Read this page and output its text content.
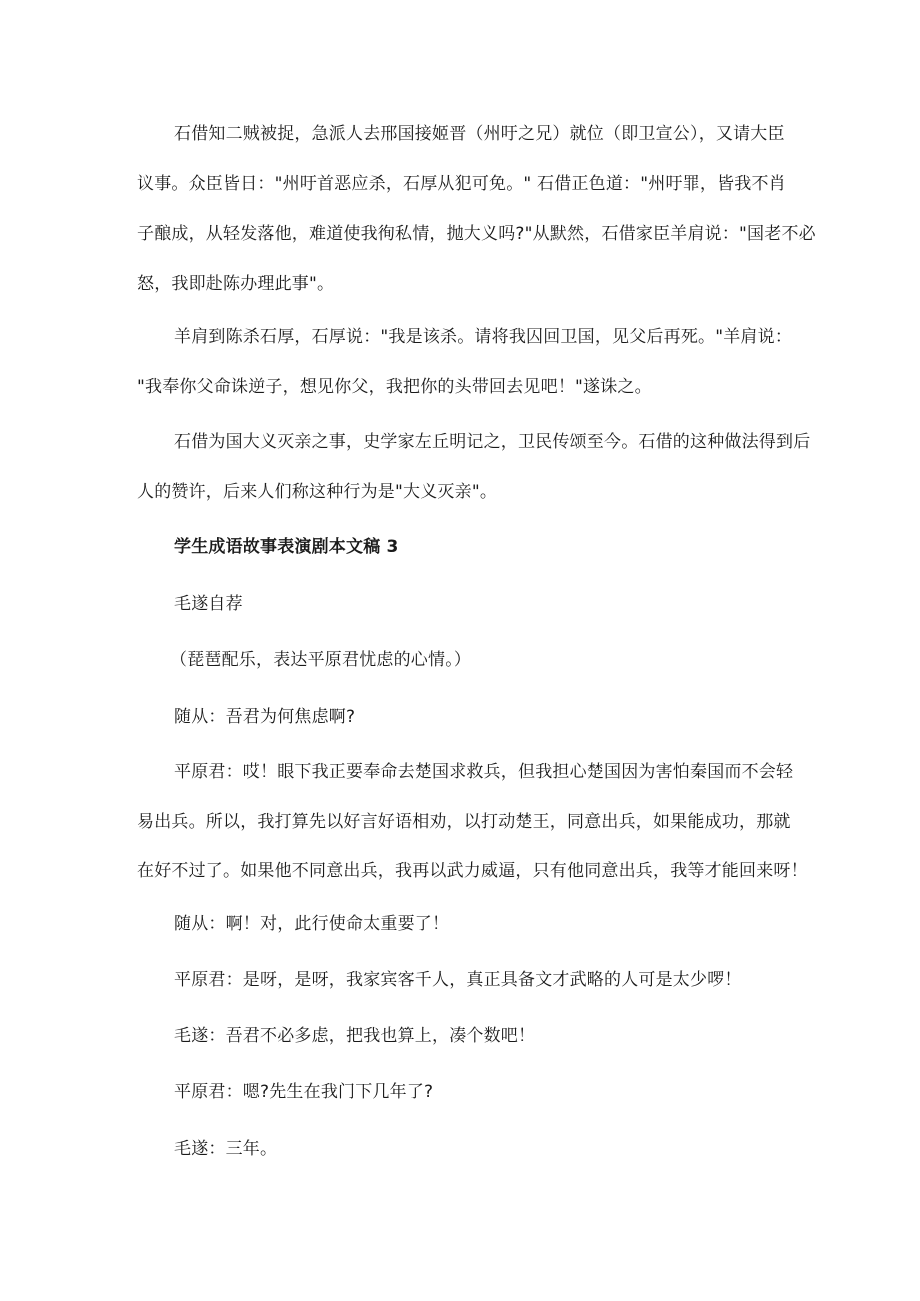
石借知二贼被捉，急派人去邢国接姬晋（州吁之兄）就位（即卫宣公），又请大臣
议事。众臣皆日："州吁首恶应杀，石厚从犯可免。" 石借正色道："州吁罪，皆我不肖
子酿成，从轻发落他，难道使我徇私情，抛大义吗?"从默然，石借家臣羊肩说："国老不必
怒，我即赴陈办理此事"。
羊肩到陈杀石厚，石厚说："我是该杀。请将我囚回卫国，见父后再死。"羊肩说：
"我奉你父命诛逆子，想见你父，我把你的头带回去见吧！"遂诛之。
石借为国大义灭亲之事，史学家左丘明记之，卫民传颂至今。石借的这种做法得到后
人的赞许，后来人们称这种行为是"大义灭亲"。
学生成语故事表演剧本文稿 3
毛遂自荐
（琵琶配乐，表达平原君忧虑的心情。）
随从：吾君为何焦虑啊?
平原君：哎！眼下我正要奉命去楚国求救兵，但我担心楚国因为害怕秦国而不会轻
易出兵。所以，我打算先以好言好语相劝，以打动楚王，同意出兵，如果能成功，那就
在好不过了。如果他不同意出兵，我再以武力威逼，只有他同意出兵，我等才能回来呀！
随从：啊！对，此行使命太重要了！
平原君：是呀，是呀，我家宾客千人，真正具备文才武略的人可是太少啰！
毛遂：吾君不必多虑，把我也算上，凑个数吧！
平原君：嗯?先生在我门下几年了?
毛遂：三年。
